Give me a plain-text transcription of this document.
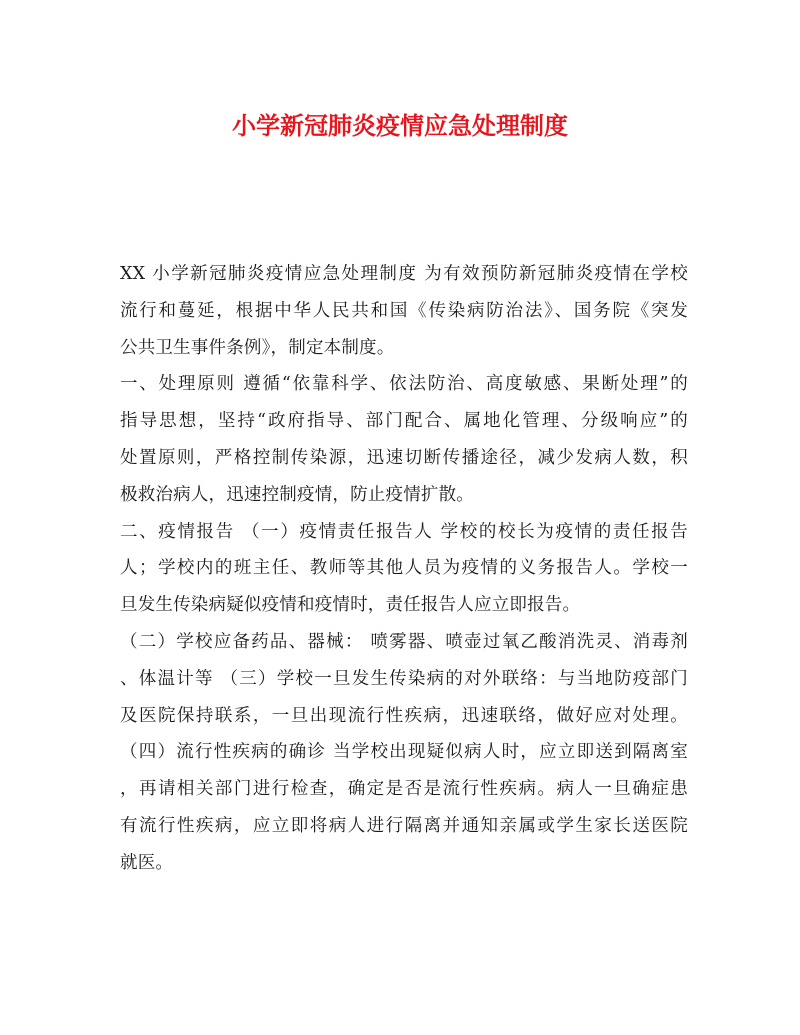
小学新冠肺炎疫情应急处理制度
XX 小学新冠肺炎疫情应急处理制度 为有效预防新冠肺炎疫情在学校
流行和蔓延，根据中华人民共和国《传染病防治法》、国务院《突发
公共卫生事件条例》，制定本制度。
一、处理原则 遵循“依靠科学、依法防治、高度敏感、果断处理”的
指导思想，坚持“政府指导、部门配合、属地化管理、分级响应”的
处置原则，严格控制传染源，迅速切断传播途径，减少发病人数，积
极救治病人，迅速控制疫情，防止疫情扩散。
二、疫情报告 （一）疫情责任报告人 学校的校长为疫情的责任报告
人；学校内的班主任、教师等其他人员为疫情的义务报告人。学校一
旦发生传染病疑似疫情和疫情时，责任报告人应立即报告。
（二）学校应备药品、器械： 喷雾器、喷壶过氧乙酸消洗灵、消毒剂
、体温计等 （三）学校一旦发生传染病的对外联络：与当地防疫部门
及医院保持联系，一旦出现流行性疾病，迅速联络，做好应对处理。
（四）流行性疾病的确诊 当学校出现疑似病人时，应立即送到隔离室
，再请相关部门进行检查，确定是否是流行性疾病。病人一旦确症患
有流行性疾病，应立即将病人进行隔离并通知亲属或学生家长送医院
就医。
